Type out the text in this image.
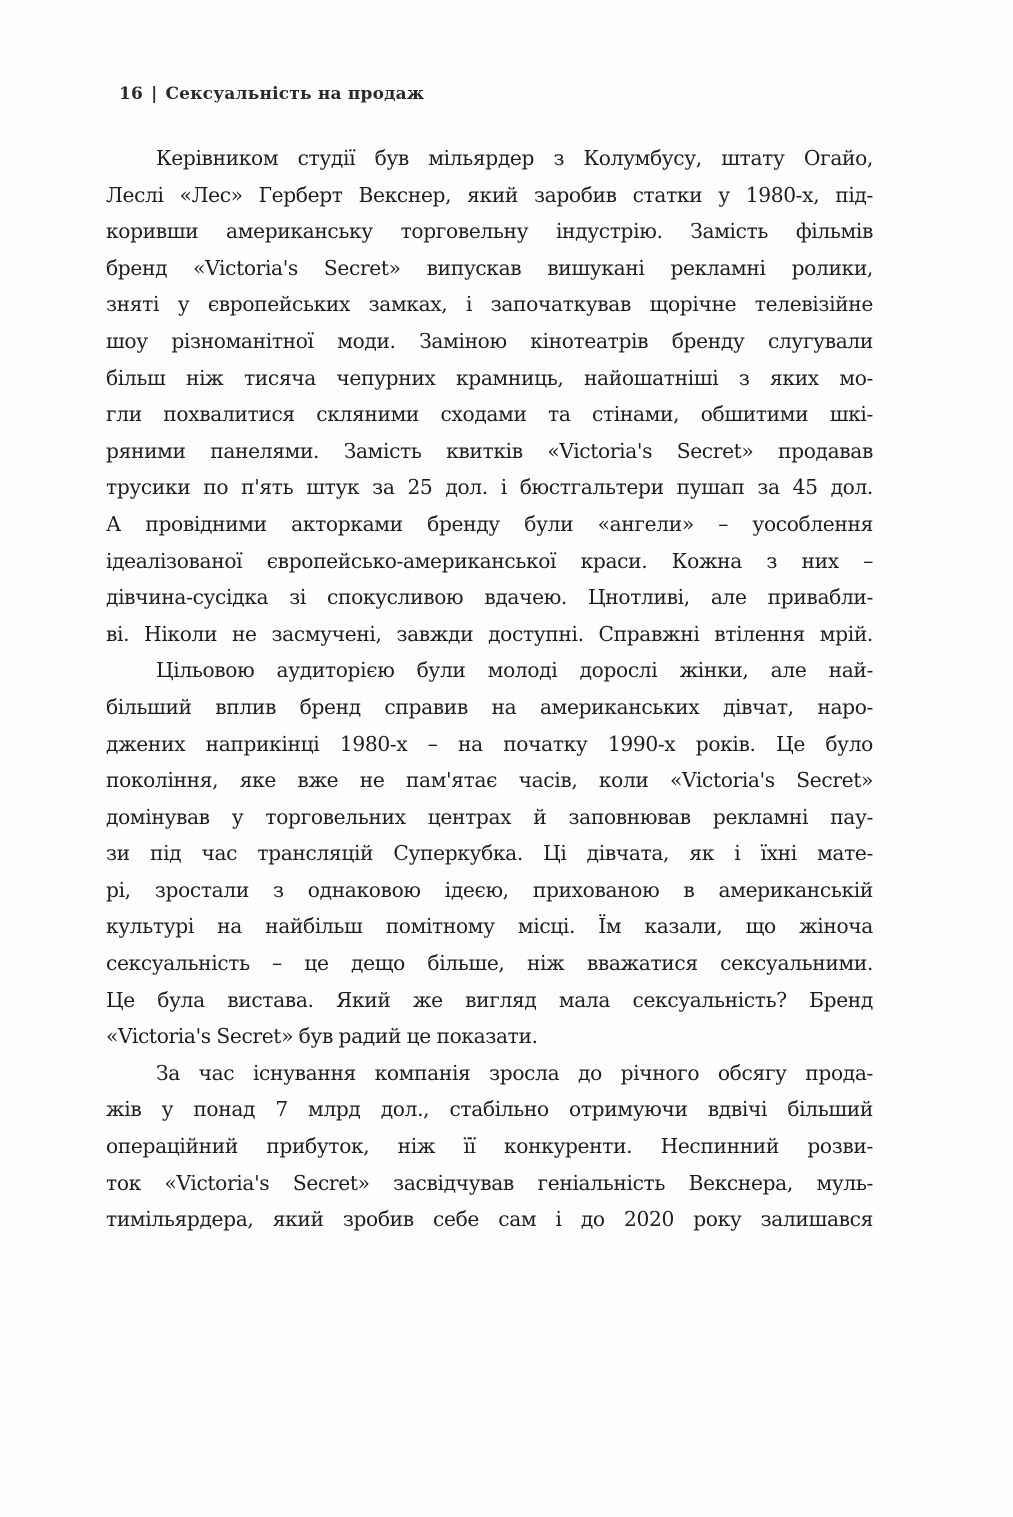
16 | Сексуальність на продаж
Керівником студії був мільярдер з Колумбусу, штату Огайо,
Леслі «Лес» Герберт Векснер, який заробив статки у 1980-х, під-
коривши американську торговельну індустрію. Замість фільмів
бренд «Victoria's Secret» випускав вишукані рекламні ролики,
зняті у європейських замках, і започаткував щорічне телевізійне
шоу різноманітної моди. Заміною кінотеатрів бренду слугували
більш ніж тисяча чепурних крамниць, найошатніші з яких мо-
гли похвалитися скляними сходами та стінами, обшитими шкі-
ряними панелями. Замість квитків «Victoria's Secret» продавав
трусики по п'ять штук за 25 дол. і бюстгальтери пушап за 45 дол.
А провідними акторками бренду були «ангели» – уособлення
ідеалізованої європейсько-американської краси. Кожна з них –
дівчина-сусідка зі спокусливою вдачею. Цнотливі, але привабли-
ві. Ніколи не засмучені, завжди доступні. Справжні втілення мрій.
Цільовою аудиторією були молоді дорослі жінки, але най-
більший вплив бренд справив на американських дівчат, наро-
джених наприкінці 1980-х – на початку 1990-х років. Це було
покоління, яке вже не пам'ятає часів, коли «Victoria's Secret»
домінував у торговельних центрах й заповнював рекламні пау-
зи під час трансляцій Суперкубка. Ці дівчата, як і їхні мате-
рі, зростали з однаковою ідеєю, прихованою в американській
культурі на найбільш помітному місці. Їм казали, що жіноча
сексуальність – це дещо більше, ніж вважатися сексуальними.
Це була вистава. Який же вигляд мала сексуальність? Бренд
«Victoria's Secret» був радий це показати.
За час існування компанія зросла до річного обсягу прода-
жів у понад 7 млрд дол., стабільно отримуючи вдвічі більший
операційний прибуток, ніж її конкуренти. Неспинний розви-
ток «Victoria's Secret» засвідчував геніальність Векснера, муль-
тимільярдера, який зробив себе сам і до 2020 року залишався
